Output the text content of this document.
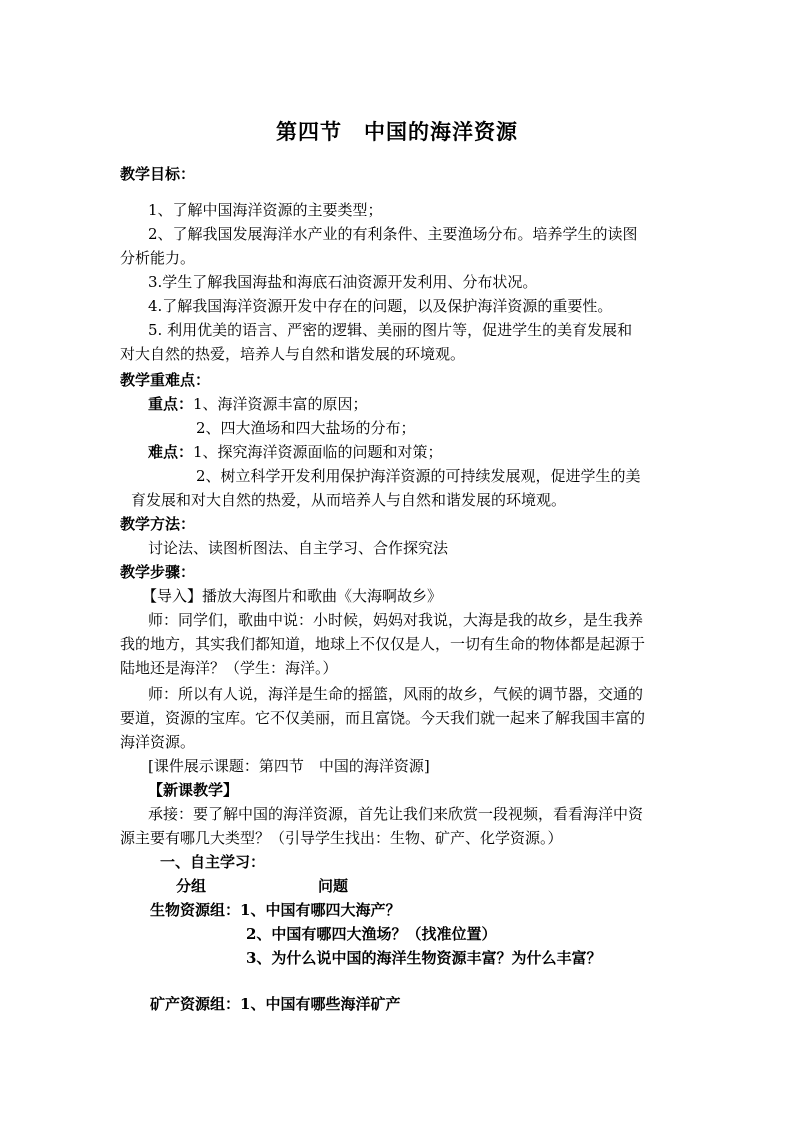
第四节　中国的海洋资源
教学目标：
1、了解中国海洋资源的主要类型；
2、了解我国发展海洋水产业的有利条件、主要渔场分布。培养学生的读图
分析能力。
3.学生了解我国海盐和海底石油资源开发利用、分布状况。
4.了解我国海洋资源开发中存在的问题，以及保护海洋资源的重要性。
5. 利用优美的语言、严密的逻辑、美丽的图片等，促进学生的美育发展和
对大自然的热爱，培养人与自然和谐发展的环境观。
教学重难点：
重点：1、海洋资源丰富的原因；
2、四大渔场和四大盐场的分布；
难点：1、探究海洋资源面临的问题和对策；
2、树立科学开发利用保护海洋资源的可持续发展观，促进学生的美
育发展和对大自然的热爱，从而培养人与自然和谐发展的环境观。
教学方法：
讨论法、读图析图法、自主学习、合作探究法
教学步骤：
【导入】播放大海图片和歌曲《大海啊故乡》
师：同学们，歌曲中说：小时候，妈妈对我说，大海是我的故乡，是生我养
我的地方，其实我们都知道，地球上不仅仅是人，一切有生命的物体都是起源于
陆地还是海洋？（学生：海洋。）
师：所以有人说，海洋是生命的摇篮，风雨的故乡，气候的调节器，交通的
要道，资源的宝库。它不仅美丽，而且富饶。今天我们就一起来了解我国丰富的
海洋资源。
[课件展示课题：第四节　中国的海洋资源]
【新课教学】
承接：要了解中国的海洋资源，首先让我们来欣赏一段视频，看看海洋中资
源主要有哪几大类型？（引导学生找出：生物、矿产、化学资源。）
一、自主学习：
分组	问题
生物资源组：1、中国有哪四大海产？
2、中国有哪四大渔场？（找准位置）
3、为什么说中国的海洋生物资源丰富？为什么丰富？
矿产资源组：1、中国有哪些海洋矿产
